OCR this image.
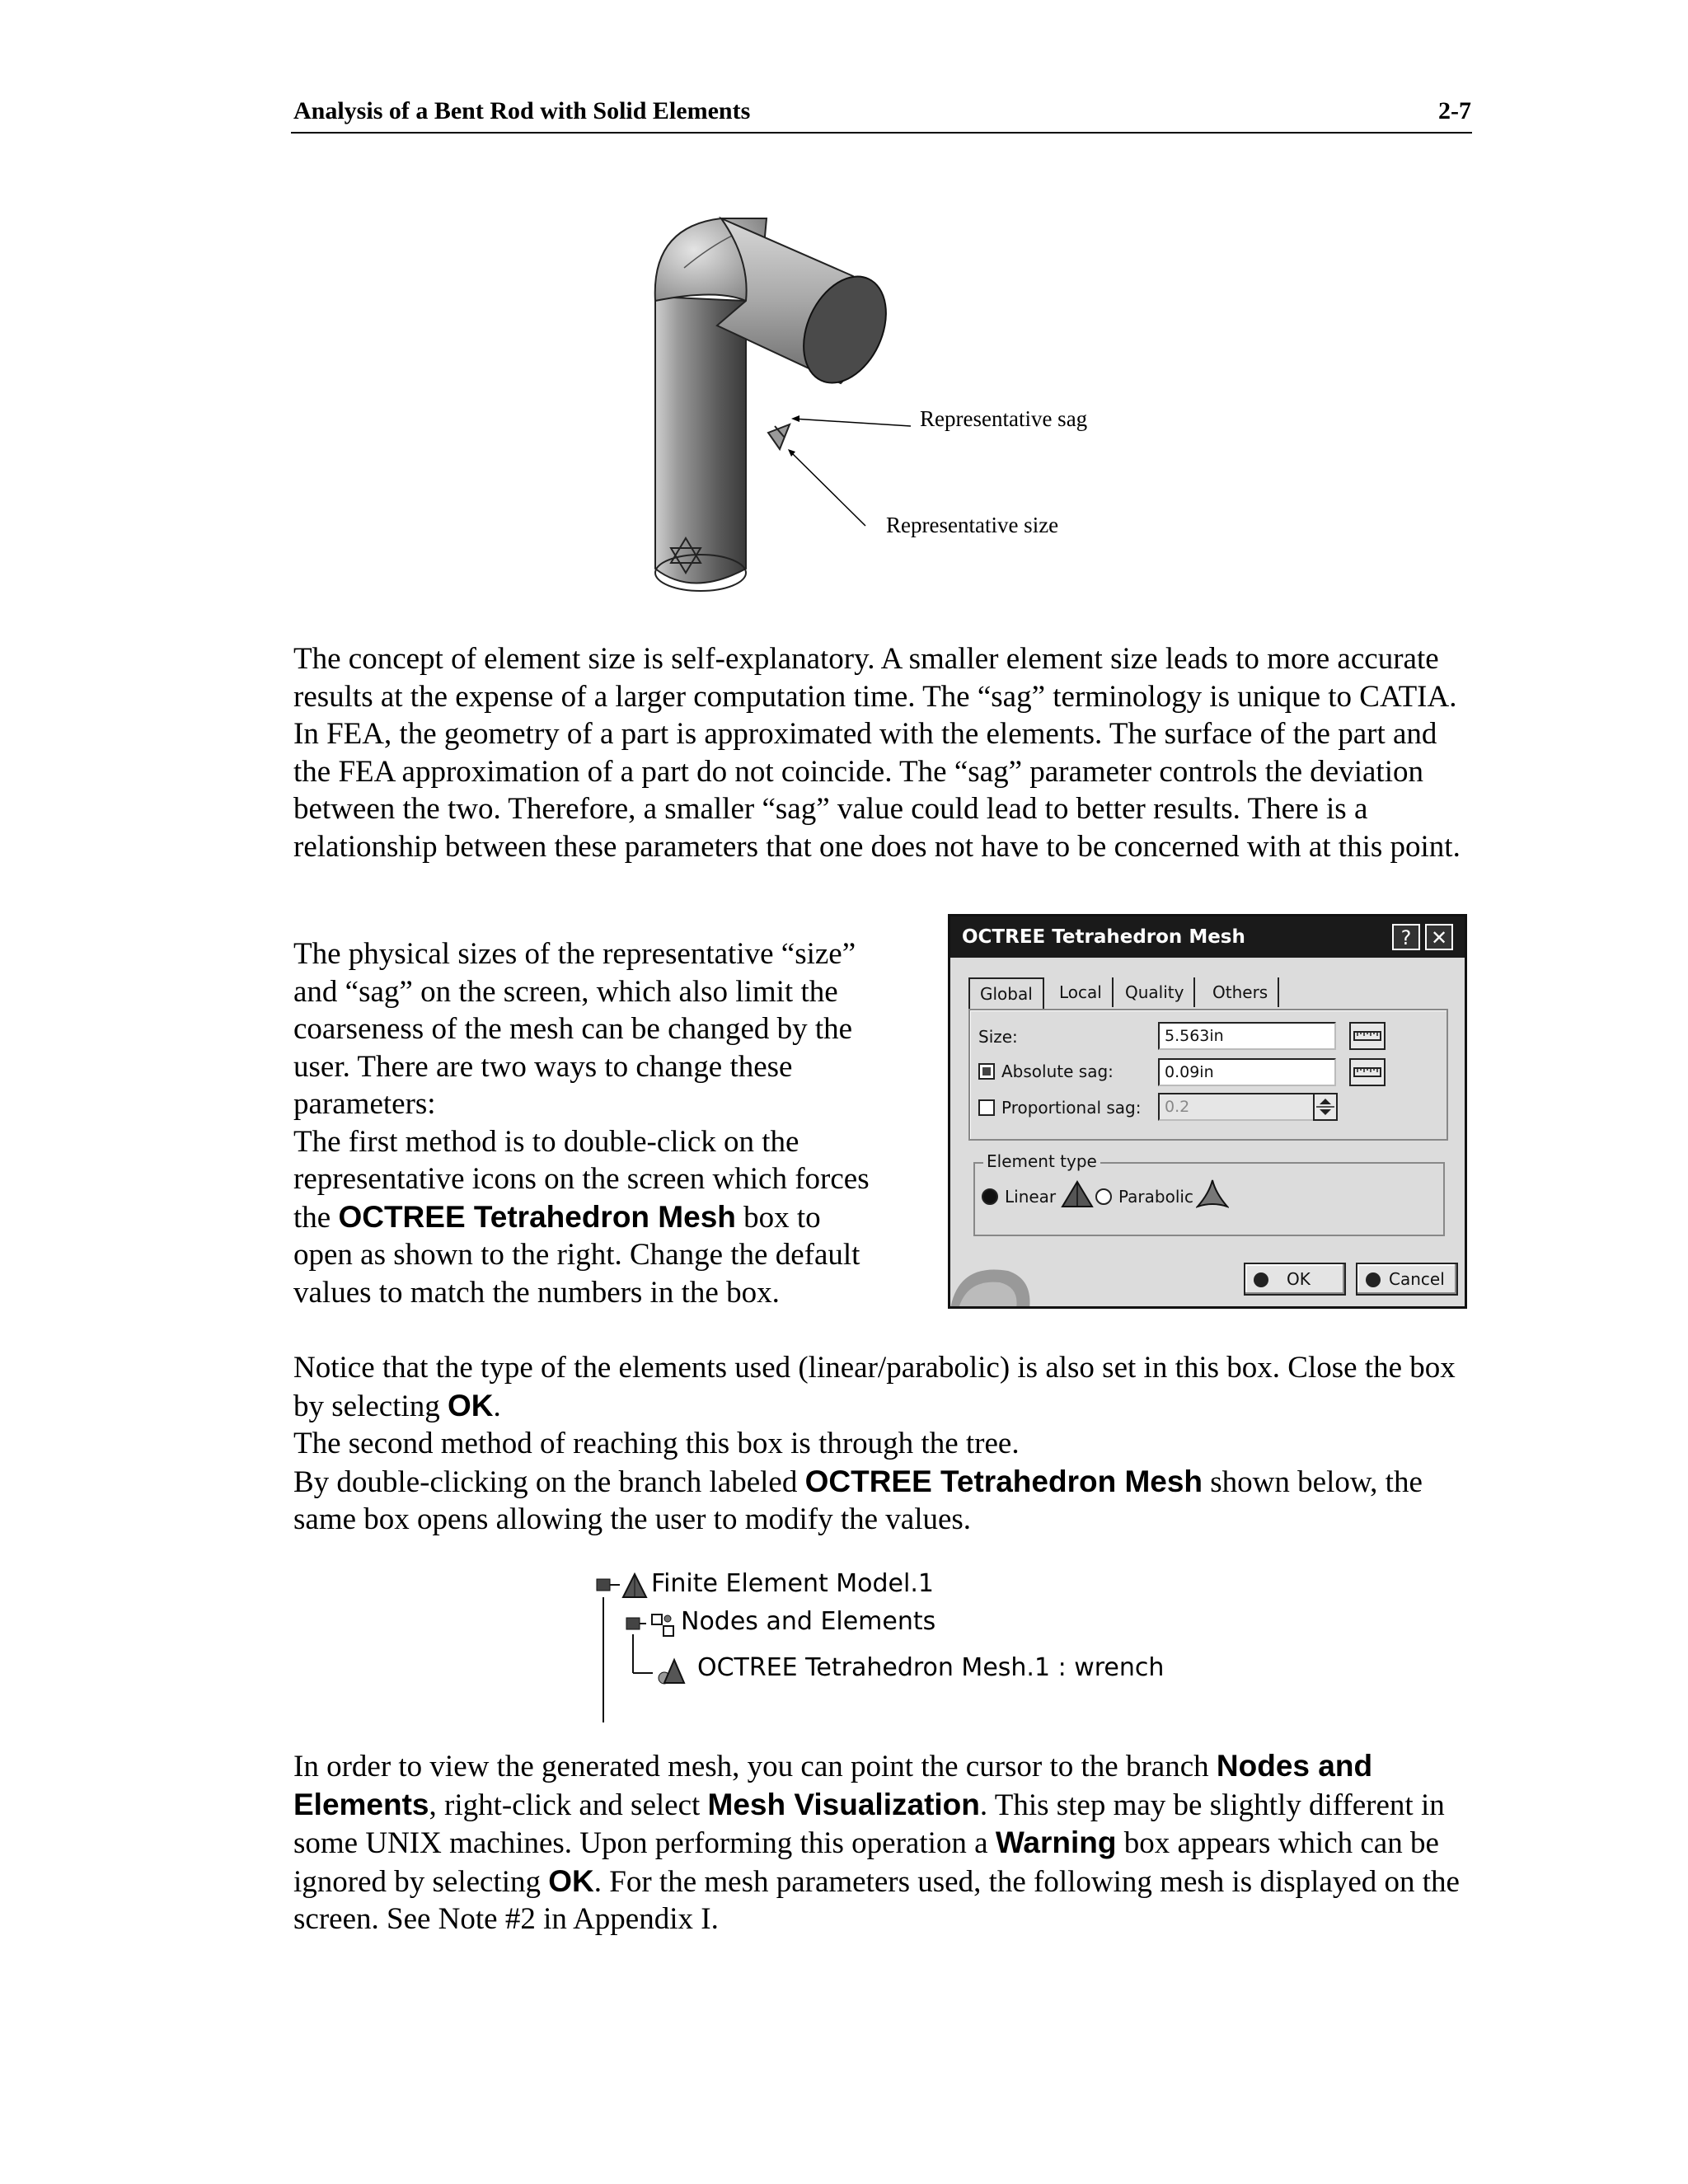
Analysis of a Bent Rod with Solid Elements	2-7
Representative sag
Representative size

The concept of element size is self-explanatory. A smaller element size leads to more accurate results at the expense of a larger computation time. The “sag” terminology is unique to CATIA. In FEA, the geometry of a part is approximated with the elements. The surface of the part and the FEA approximation of a part do not coincide. The “sag” parameter controls the deviation between the two. Therefore, a smaller “sag” value could lead to better results. There is a relationship between these parameters that one does not have to be concerned with at this point.

The physical sizes of the representative “size” and “sag” on the screen, which also limit the coarseness of the mesh can be changed by the user. There are two ways to change these parameters:

The first method is to double-click on the representative icons on the screen which forces the OCTREE Tetrahedron Mesh box to open as shown to the right. Change the default values to match the numbers in the box.

OCTREE Tetrahedron Mesh	? ✕
Global	Local	Quality	Others
Size:	5.563in
Absolute sag:	0.09in
Proportional sag:	0.2
Element type
Linear	Parabolic
OK	Cancel

Notice that the type of the elements used (linear/parabolic) is also set in this box. Close the box by selecting OK.

The second method of reaching this box is through the tree.

By double-clicking on the branch labeled OCTREE Tetrahedron Mesh shown below, the same box opens allowing the user to modify the values.

Finite Element Model.1
Nodes and Elements
OCTREE Tetrahedron Mesh.1 : wrench

In order to view the generated mesh, you can point the cursor to the branch Nodes and Elements, right-click and select Mesh Visualization. This step may be slightly different in some UNIX machines. Upon performing this operation a Warning box appears which can be ignored by selecting OK. For the mesh parameters used, the following mesh is displayed on the screen. See Note #2 in Appendix I.
